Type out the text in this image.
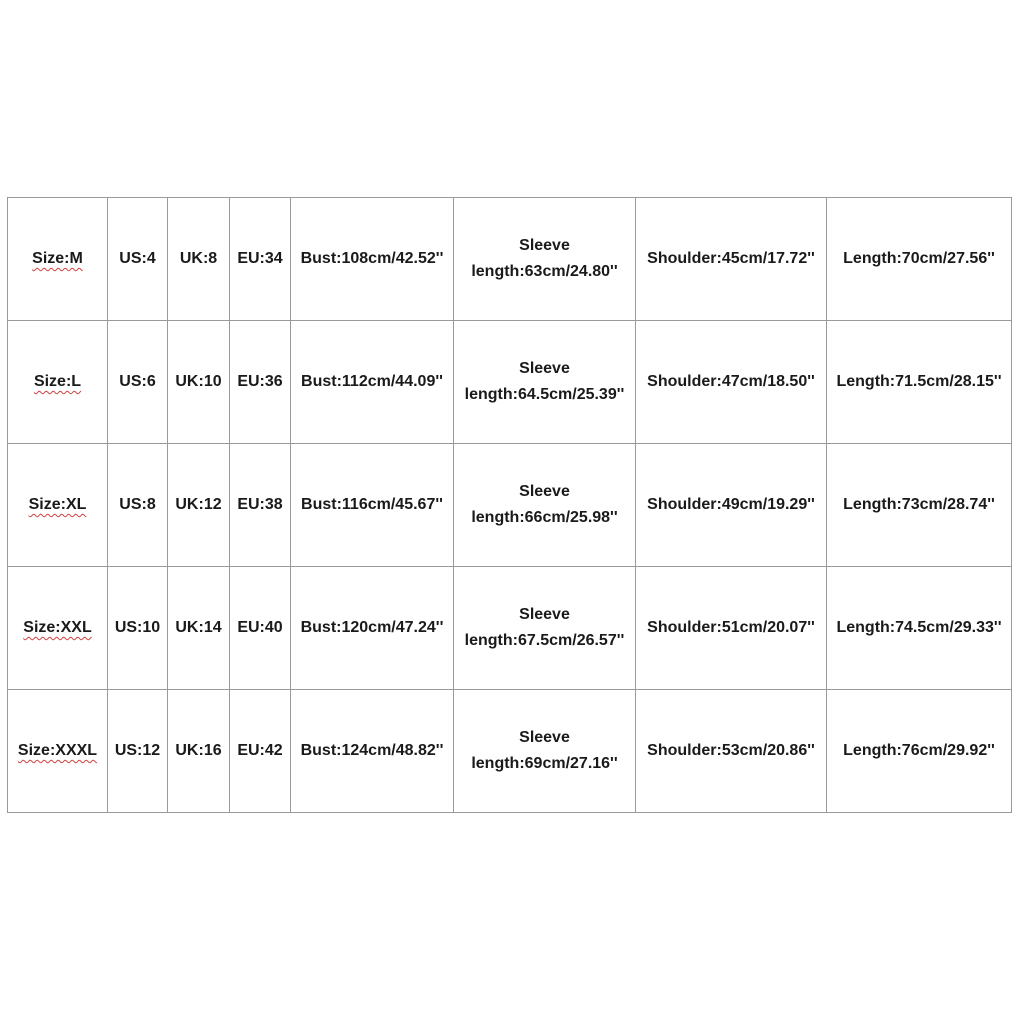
Size:M	US:4	UK:8	EU:34	Bust:108cm/42.52''	Sleeve
length:63cm/24.80''	Shoulder:45cm/17.72''	Length:70cm/27.56''
Size:L	US:6	UK:10	EU:36	Bust:112cm/44.09''	Sleeve
length:64.5cm/25.39''	Shoulder:47cm/18.50''	Length:71.5cm/28.15''
Size:XL	US:8	UK:12	EU:38	Bust:116cm/45.67''	Sleeve
length:66cm/25.98''	Shoulder:49cm/19.29''	Length:73cm/28.74''
Size:XXL	US:10	UK:14	EU:40	Bust:120cm/47.24''	Sleeve
length:67.5cm/26.57''	Shoulder:51cm/20.07''	Length:74.5cm/29.33''
Size:XXXL	US:12	UK:16	EU:42	Bust:124cm/48.82''	Sleeve
length:69cm/27.16''	Shoulder:53cm/20.86''	Length:76cm/29.92''
